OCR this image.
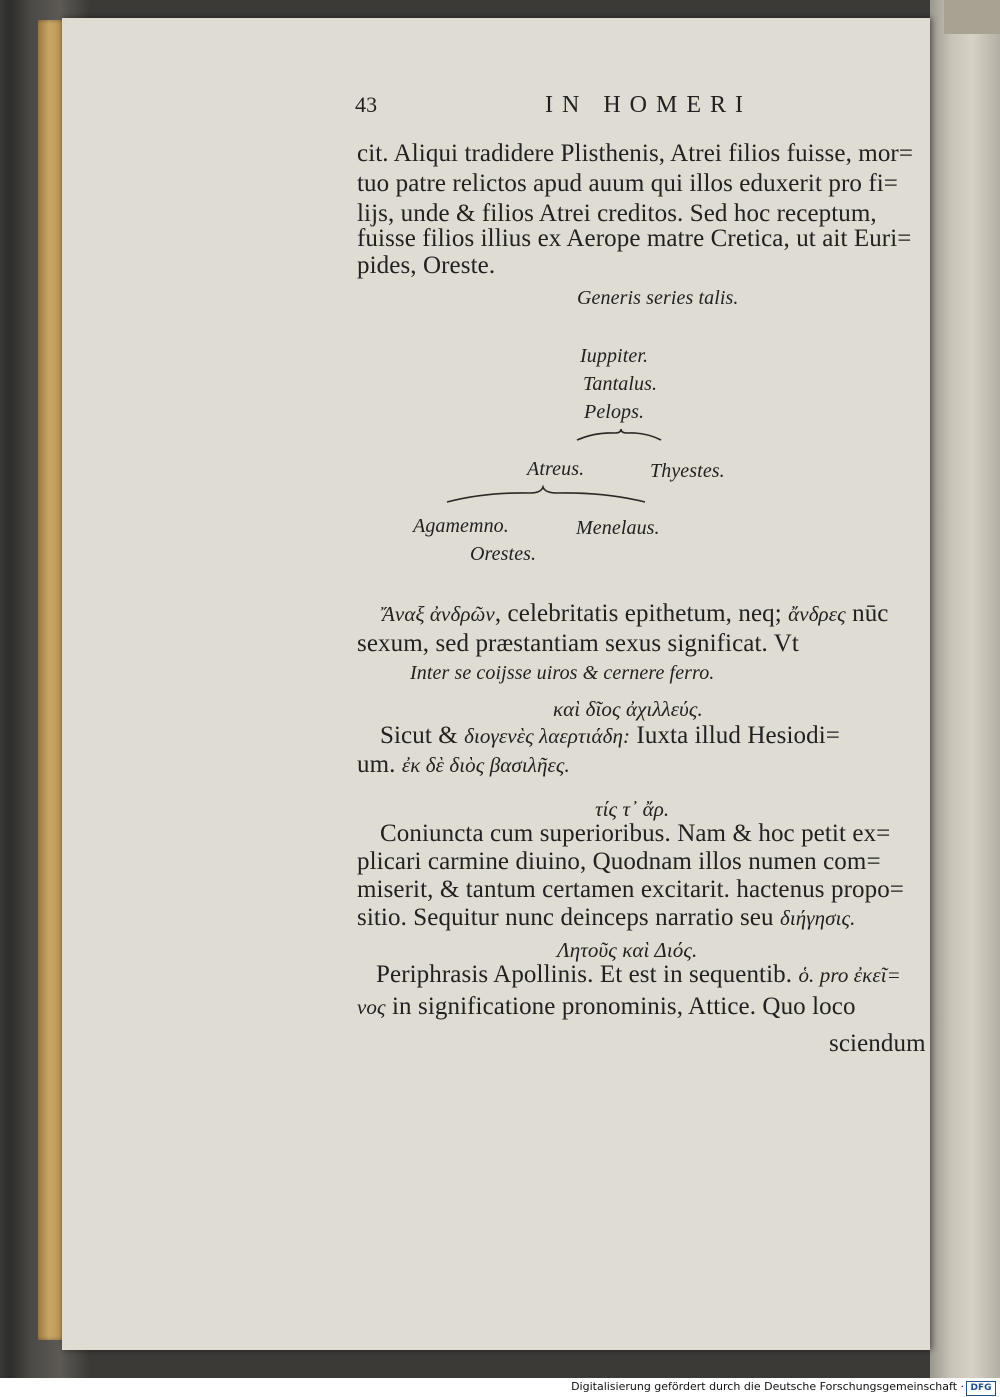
43	IN HOMERI
cit. Aliqui tradidere Plisthenis, Atrei filios fuisse, mor=
tuo patre relictos apud auum qui illos eduxerit pro fi=
lijs, unde & filios Atrei creditos. Sed hoc receptum,
fuisse filios illius ex Aerope matre Cretica, ut ait Euri=
pides, Oreste.
Generis series talis.
Iuppiter.
Tantalus.
Pelops.
Atreus.	Thyestes.
Agamemno.	Menelaus.
Orestes.
Ἄναξ ἀνδρῶν, celebritatis epithetum, neq; ἄνδρες nūc
sexum, sed præstantiam sexus significat. Vt
Inter se coijsse uiros & cernere ferro.
καὶ δῖος ἀχιλλεύς.
Sicut & διογενὲς λαερτιάδη: Iuxta illud Hesiodi=
um. ἐκ δὲ διὸς βασιλῆες.
τίς τ᾽ ἄρ.
Coniuncta cum superioribus. Nam & hoc petit ex=
plicari carmine diuino, Quodnam illos numen com=
miserit, & tantum certamen excitarit. hactenus propo=
sitio. Sequitur nunc deinceps narratio seu διήγησις.
Λητοῦς καὶ Διός.
Periphrasis Apollinis. Et est in sequentib. ὁ. pro ἐκεῖ=
νος in significatione pronominis, Attice. Quo loco
sciendum
Digitalisierung gefördert durch die Deutsche Forschungsgemeinschaft · DFG
